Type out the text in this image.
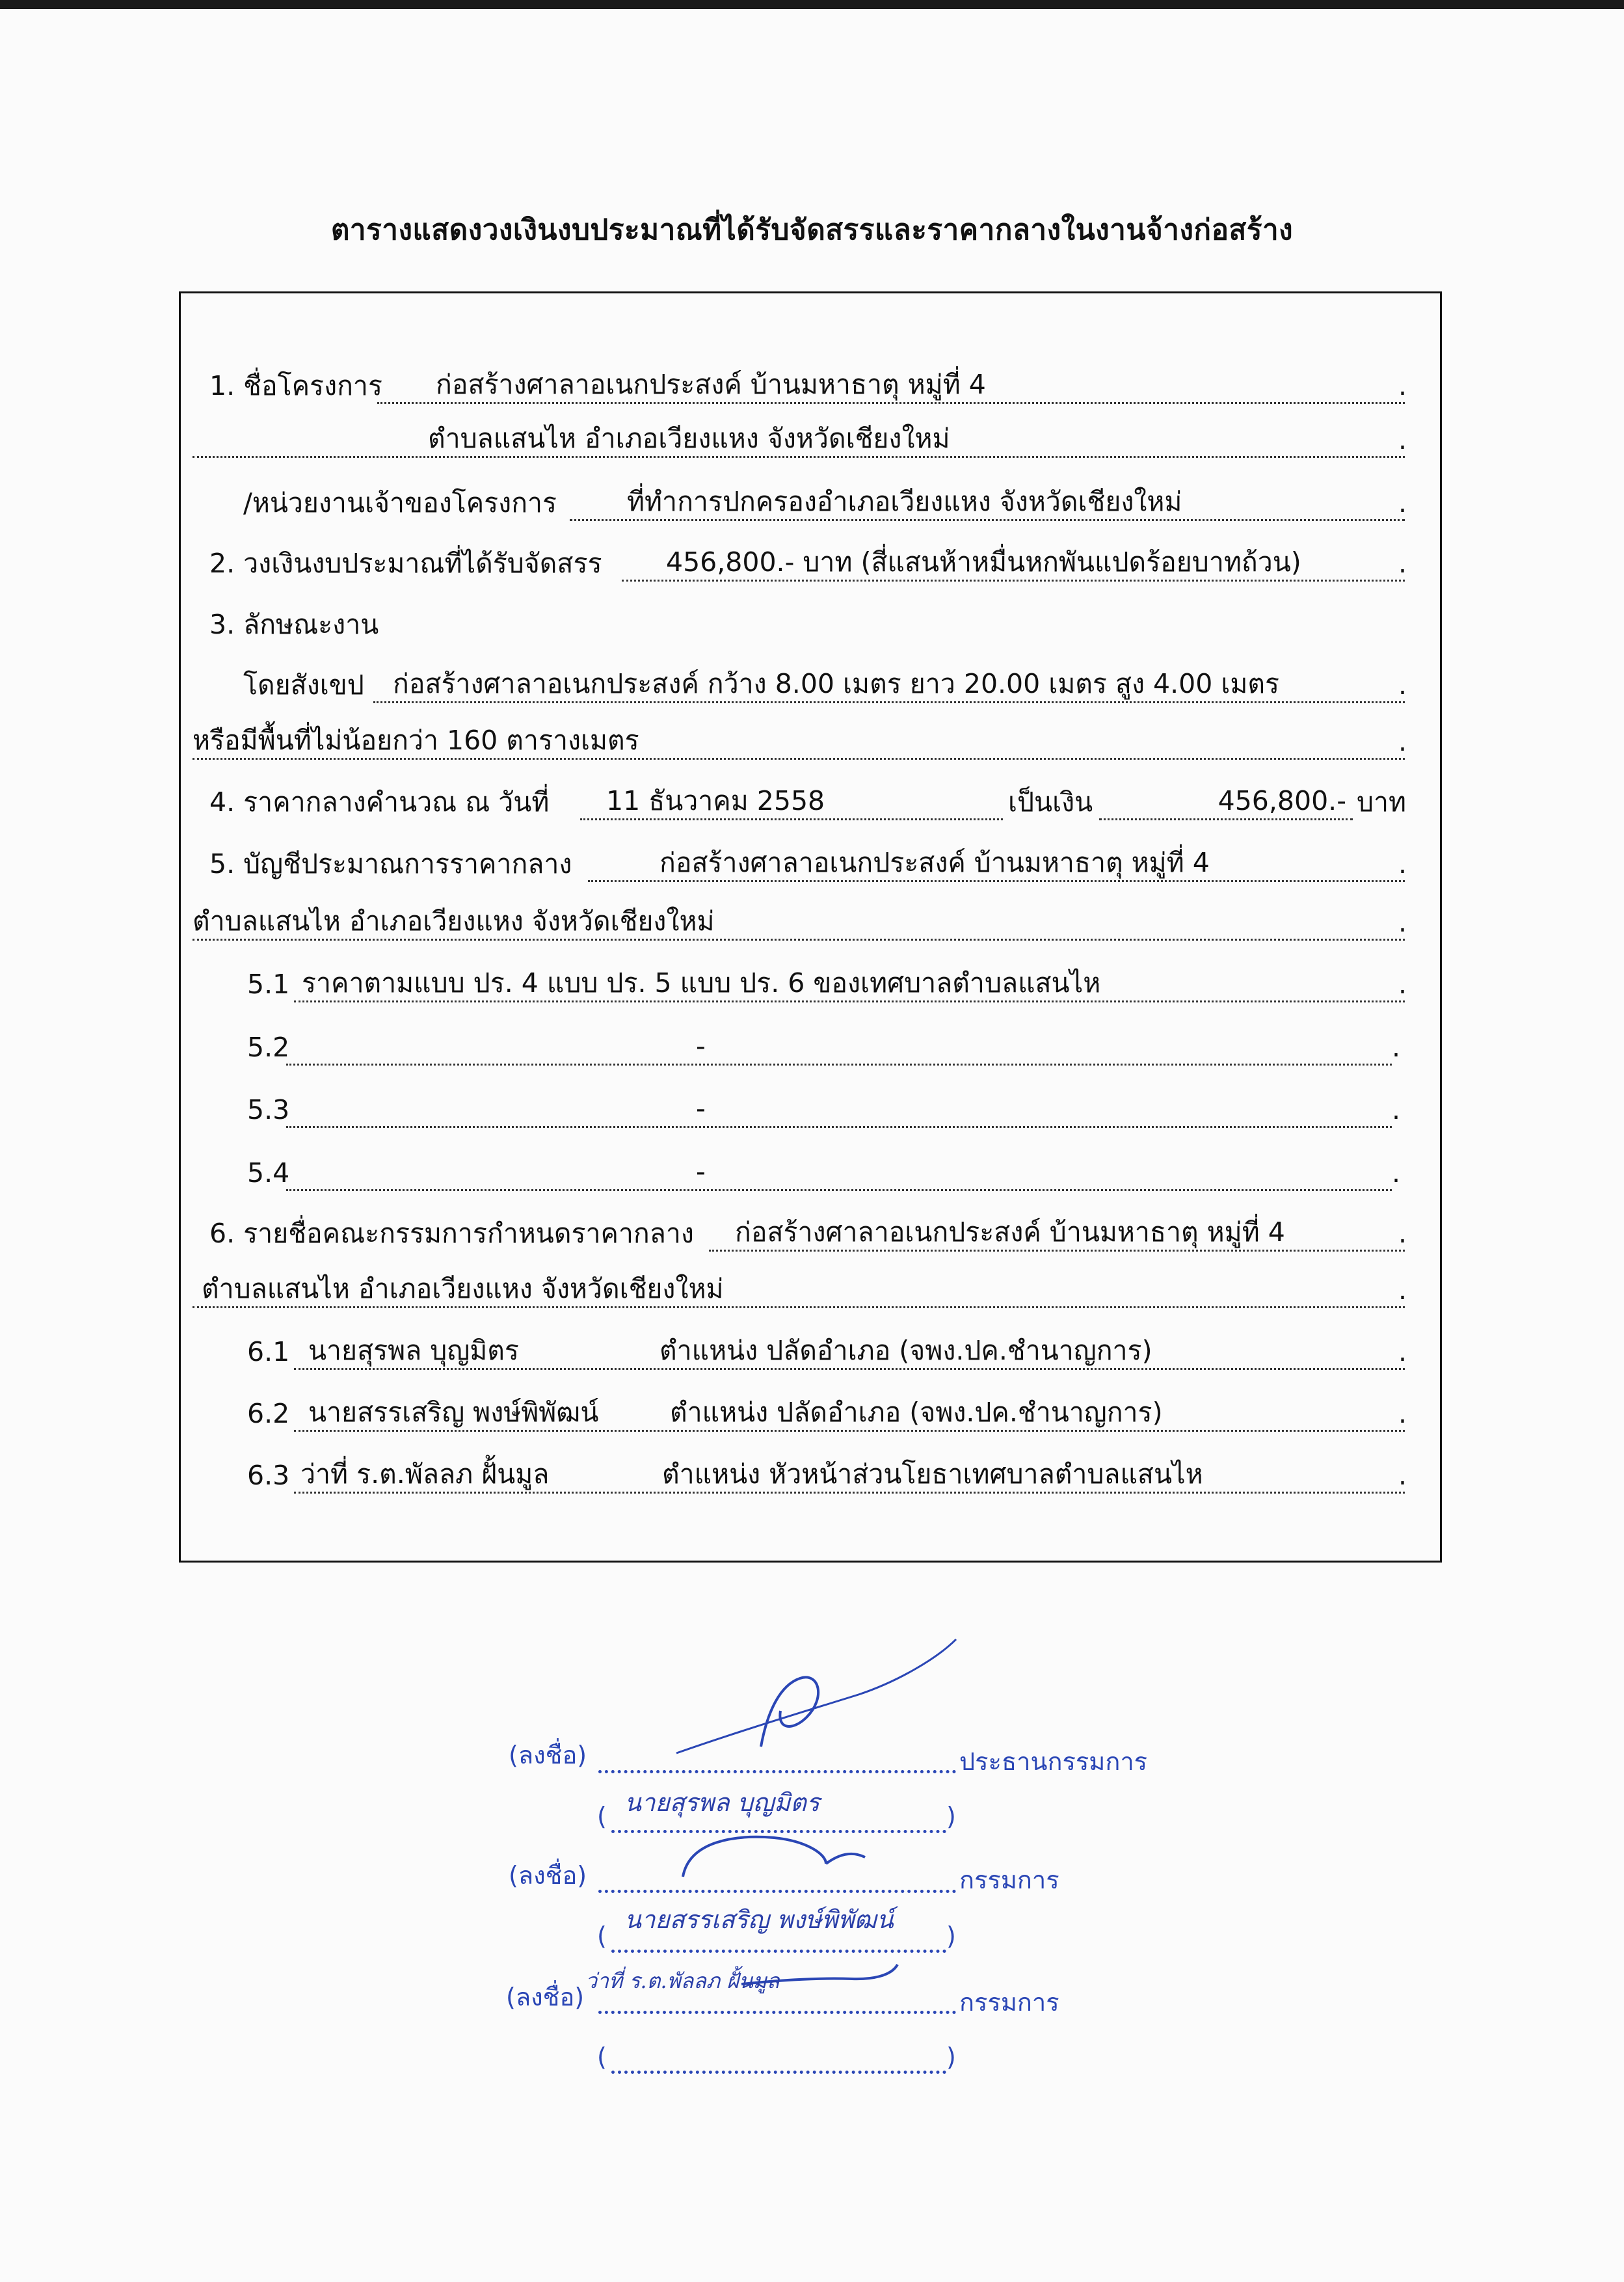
ตารางแสดงวงเงินงบประมาณที่ได้รับจัดสรรและราคากลางในงานจ้างก่อสร้าง
1. ชื่อโครงการ	ก่อสร้างศาลาอเนกประสงค์ บ้านมหาธาตุ หมู่ที่ 4	.
ตำบลแสนไห อำเภอเวียงแหง จังหวัดเชียงใหม่	.
/หน่วยงานเจ้าของโครงการ	ที่ทำการปกครองอำเภอเวียงแหง จังหวัดเชียงใหม่	.
2. วงเงินงบประมาณที่ได้รับจัดสรร	456,800.- บาท (สี่แสนห้าหมื่นหกพันแปดร้อยบาทถ้วน)	.
3. ลักษณะงาน
โดยสังเขป	ก่อสร้างศาลาอเนกประสงค์ กว้าง 8.00 เมตร ยาว 20.00 เมตร สูง 4.00 เมตร	.
หรือมีพื้นที่ไม่น้อยกว่า 160 ตารางเมตร	.
4. ราคากลางคำนวณ ณ วันที่	11 ธันวาคม 2558	เป็นเงิน	456,800.- บาท
5. บัญชีประมาณการราคากลาง	ก่อสร้างศาลาอเนกประสงค์ บ้านมหาธาตุ หมู่ที่ 4	.
ตำบลแสนไห อำเภอเวียงแหง จังหวัดเชียงใหม่	.
5.1 ราคาตามแบบ ปร. 4 แบบ ปร. 5 แบบ ปร. 6 ของเทศบาลตำบลแสนไห	.
5.2	-	.
5.3	-	.
5.4	-	.
6. รายชื่อคณะกรรมการกำหนดราคากลาง	ก่อสร้างศาลาอเนกประสงค์ บ้านมหาธาตุ หมู่ที่ 4	.
ตำบลแสนไห อำเภอเวียงแหง จังหวัดเชียงใหม่	.
6.1 นายสุรพล บุญมิตร	ตำแหน่ง ปลัดอำเภอ (จพง.ปค.ชำนาญการ)	.
6.2 นายสรรเสริญ พงษ์พิพัฒน์	ตำแหน่ง ปลัดอำเภอ (จพง.ปค.ชำนาญการ)	.
6.3 ว่าที่ ร.ต.พัลลภ ฝั้นมูล	ตำแหน่ง หัวหน้าส่วนโยธาเทศบาลตำบลแสนไห	.
(ลงชื่อ)	ประธานกรรมการ
(	)
นายสุรพล บุญมิตร
(ลงชื่อ)	กรรมการ
(	)
นายสรรเสริญ พงษ์พิพัฒน์
(ลงชื่อ)	กรรมการ
ว่าที่ ร.ต.พัลลภ ฝั้นมูล
(	)
